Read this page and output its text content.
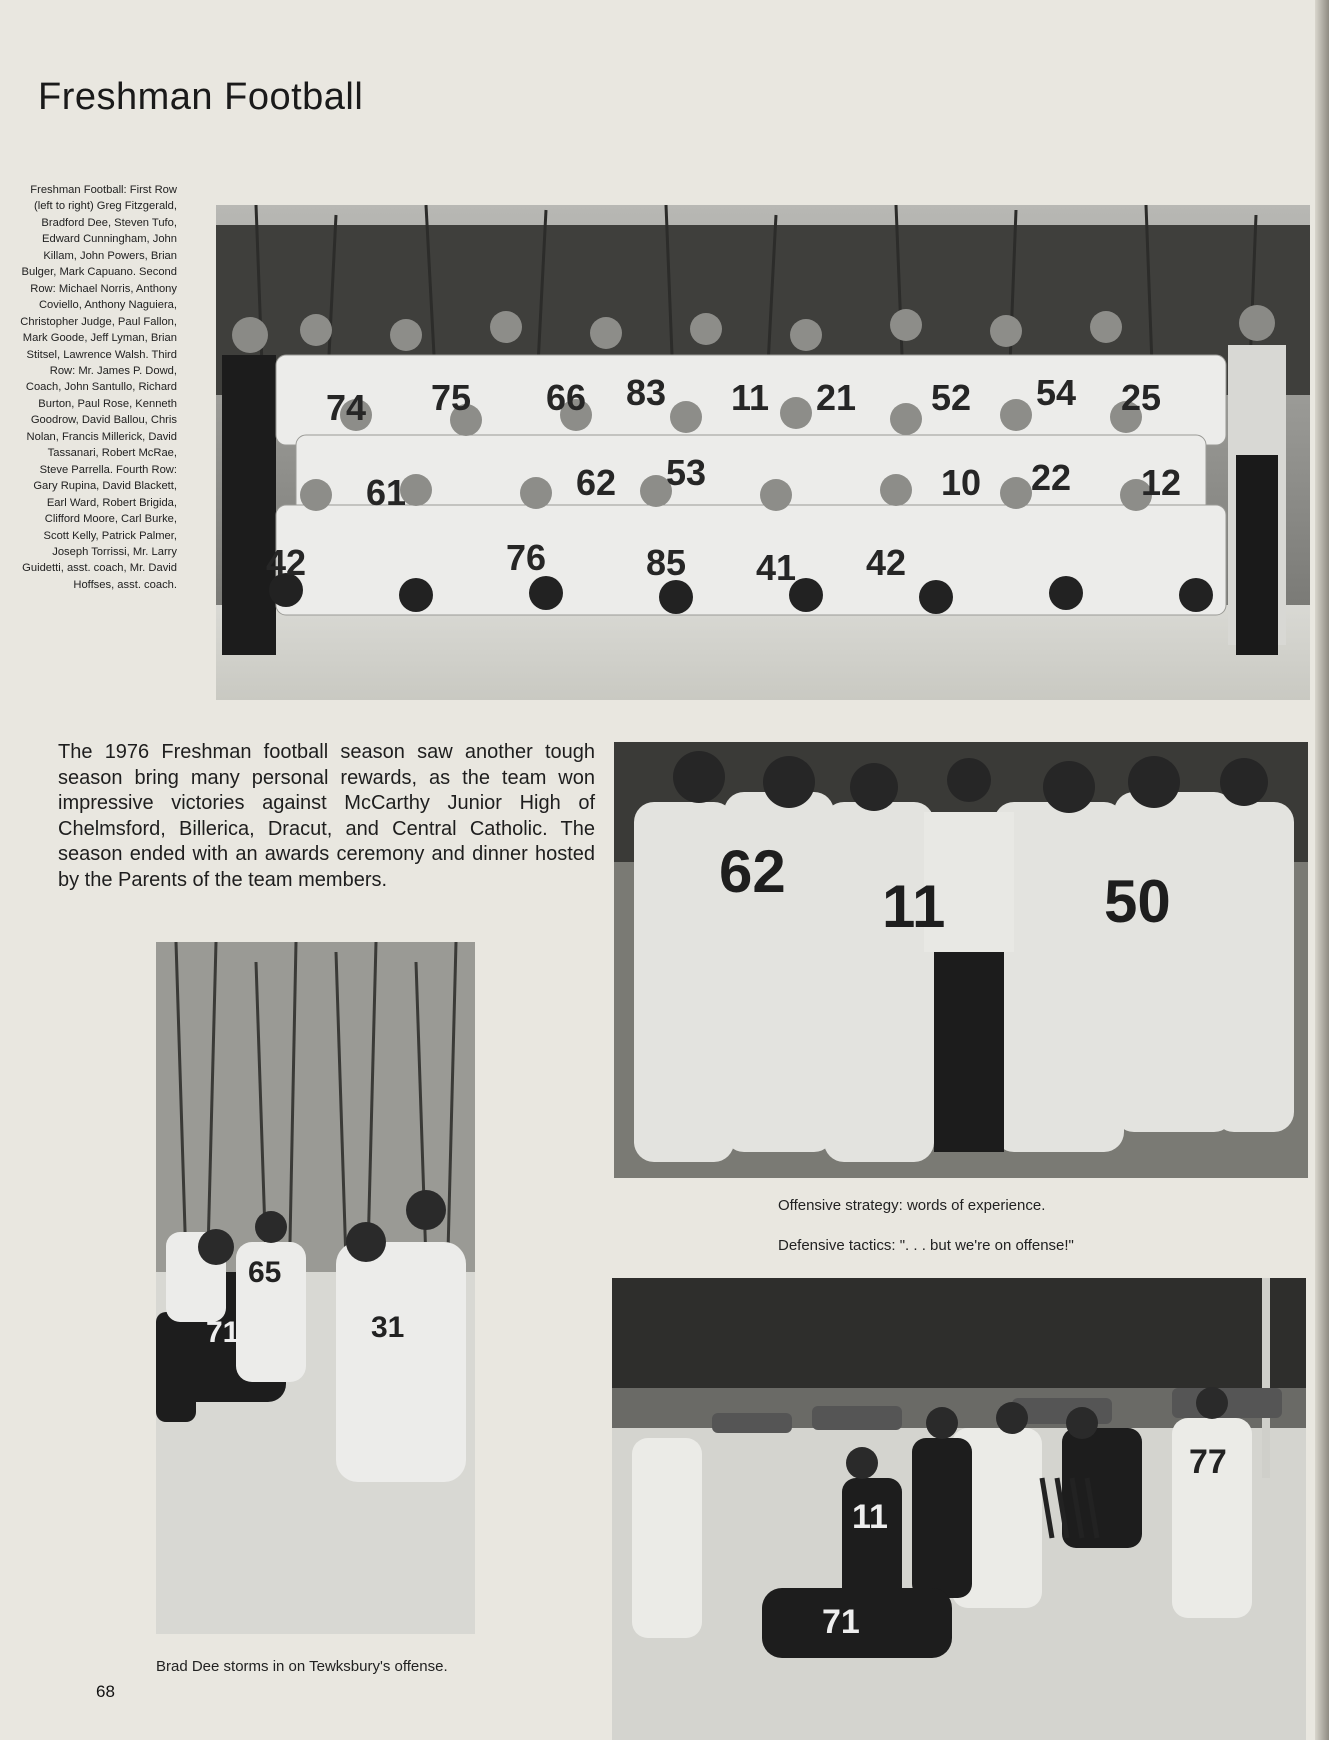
Freshman Football
Freshman Football: First Row (left to right) Greg Fitzgerald, Bradford Dee, Steven Tufo, Edward Cunningham, John Killam, John Powers, Brian Bulger, Mark Capuano. Second Row: Michael Norris, Anthony Coviello, Anthony Naguiera, Christopher Judge, Paul Fallon, Mark Goode, Jeff Lyman, Brian Stitsel, Lawrence Walsh. Third Row: Mr. James P. Dowd, Coach, John Santullo, Richard Burton, Paul Rose, Kenneth Goodrow, David Ballou, Chris Nolan, Francis Millerick, David Tassanari, Robert McRae, Steve Parrella. Fourth Row: Gary Rupina, David Blackett, Earl Ward, Robert Brigida, Clifford Moore, Carl Burke, Scott Kelly, Patrick Palmer, Joseph Torrissi, Mr. Larry Guidetti, asst. coach, Mr. David Hoffses, asst. coach.
74 75 66 83 11 21 52 54 25
61	62 53	10 22 12
42	76	85 41 42

The 1976 Freshman football season saw another tough season bring many personal rewards, as the team won impressive victories against McCarthy Junior High of Chelmsford, Billerica, Dracut, and Central Catholic. The season ended with an awards ceremony and dinner hosted by the Parents of the team members.	62
11	50
Offensive strategy: words of experience.
Defensive tactics: ". . . but we're on offense!"
77
11
71
65
71	31
Brad Dee storms in on Tewksbury's offense.
68
